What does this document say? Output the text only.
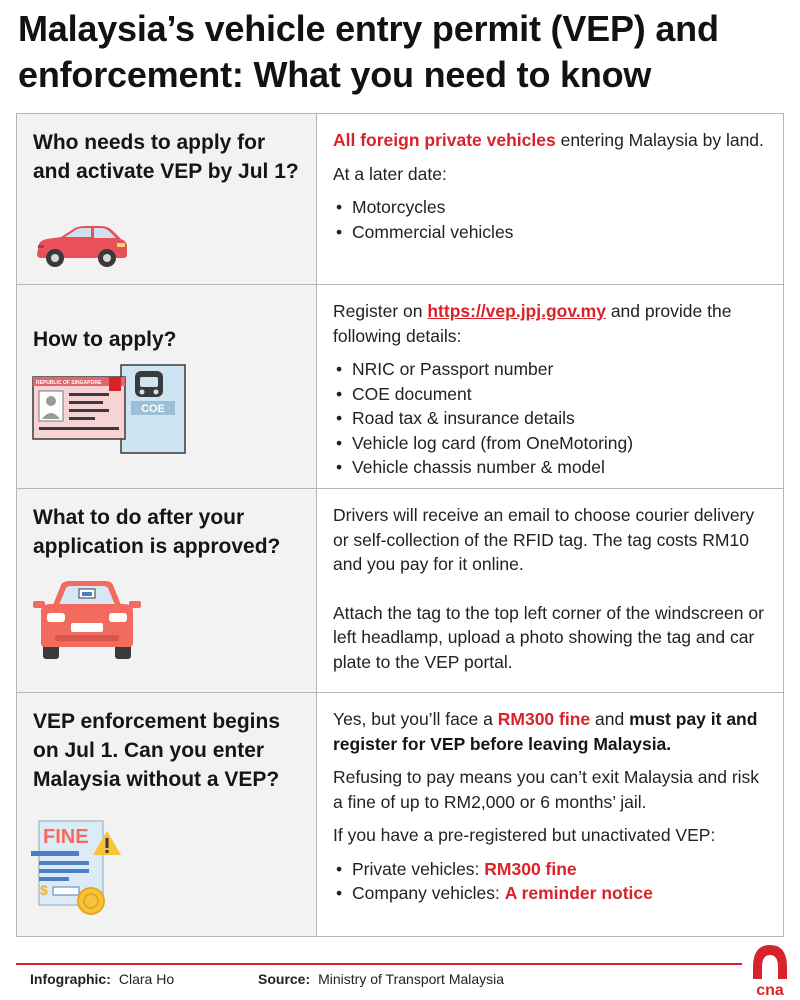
Malaysia’s vehicle entry permit (VEP) and
enforcement: What you need to know
Who needs to apply for and activate VEP by Jul 1?

All foreign private vehicles entering Malaysia by land.

At a later date:

• Motorcycles
• Commercial vehicles
How to apply?
COE
REPUBLIC OF SINGAPORE

Register on https://vep.jpj.gov.my and provide the following details:

• NRIC or Passport number
• COE document
• Road tax & insurance details
• Vehicle log card (from OneMotoring)
• Vehicle chassis number & model
What to do after your application is approved?

Drivers will receive an email to choose courier delivery or self-collection of the RFID tag. The tag costs RM10 and you pay for it online.

Attach the tag to the top left corner of the windscreen or left headlamp, upload a photo showing the tag and car plate to the VEP portal.

VEP enforcement begins on Jul 1. Can you enter Malaysia without a VEP?
FINE
$

Yes, but you’ll face a RM300 fine and must pay it and register for VEP before leaving Malaysia.

Refusing to pay means you can’t exit Malaysia and risk a fine of up to RM2,000 or 6 months’ jail.

If you have a pre-registered but unactivated VEP:

• Private vehicles: RM300 fine
• Company vehicles: A reminder notice
Infographic: Clara Ho	Source: Ministry of Transport Malaysia
cna
